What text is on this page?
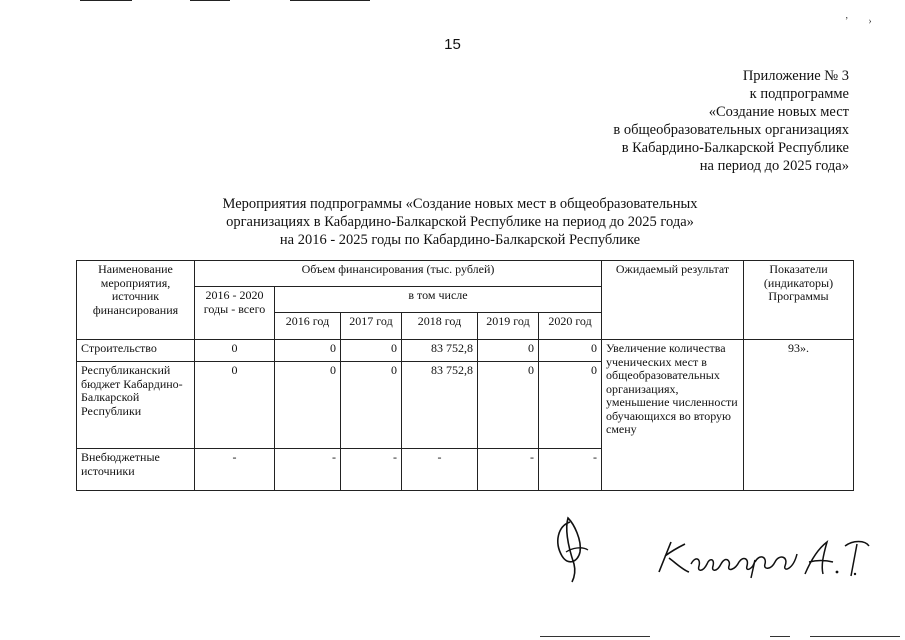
’›
15
Приложение № 3
к подпрограмме
«Создание новых мест
в общеобразовательных организациях
в Кабардино-Балкарской Республике
на период до 2025 года»
Мероприятия подпрограммы «Создание новых мест в общеобразовательных
организациях в Кабардино-Балкарской Республике на период до 2025 года»
на 2016 - 2025 годы по Кабардино-Балкарской Республике
Наименование мероприятия, источник финансирования	Объем финансирования (тыс. рублей)						Ожидаемый результат	Показатели (индикаторы) Программы
	2016 - 2020 годы - всего	в том числе						
		2016 год	2017 год	2018 год	2019 год	2020 год		
Строительство	0	0	0	83 752,8	0	0	Увеличение количества ученических мест в общеобразовательных организациях, уменьшение численности обучающихся во вторую смену	93».
Республиканский бюджет Кабардино-Балкарской Республики	0	0	0	83 752,8	0	0		
Внебюджетные источники	-	-	-	-	-	-		
